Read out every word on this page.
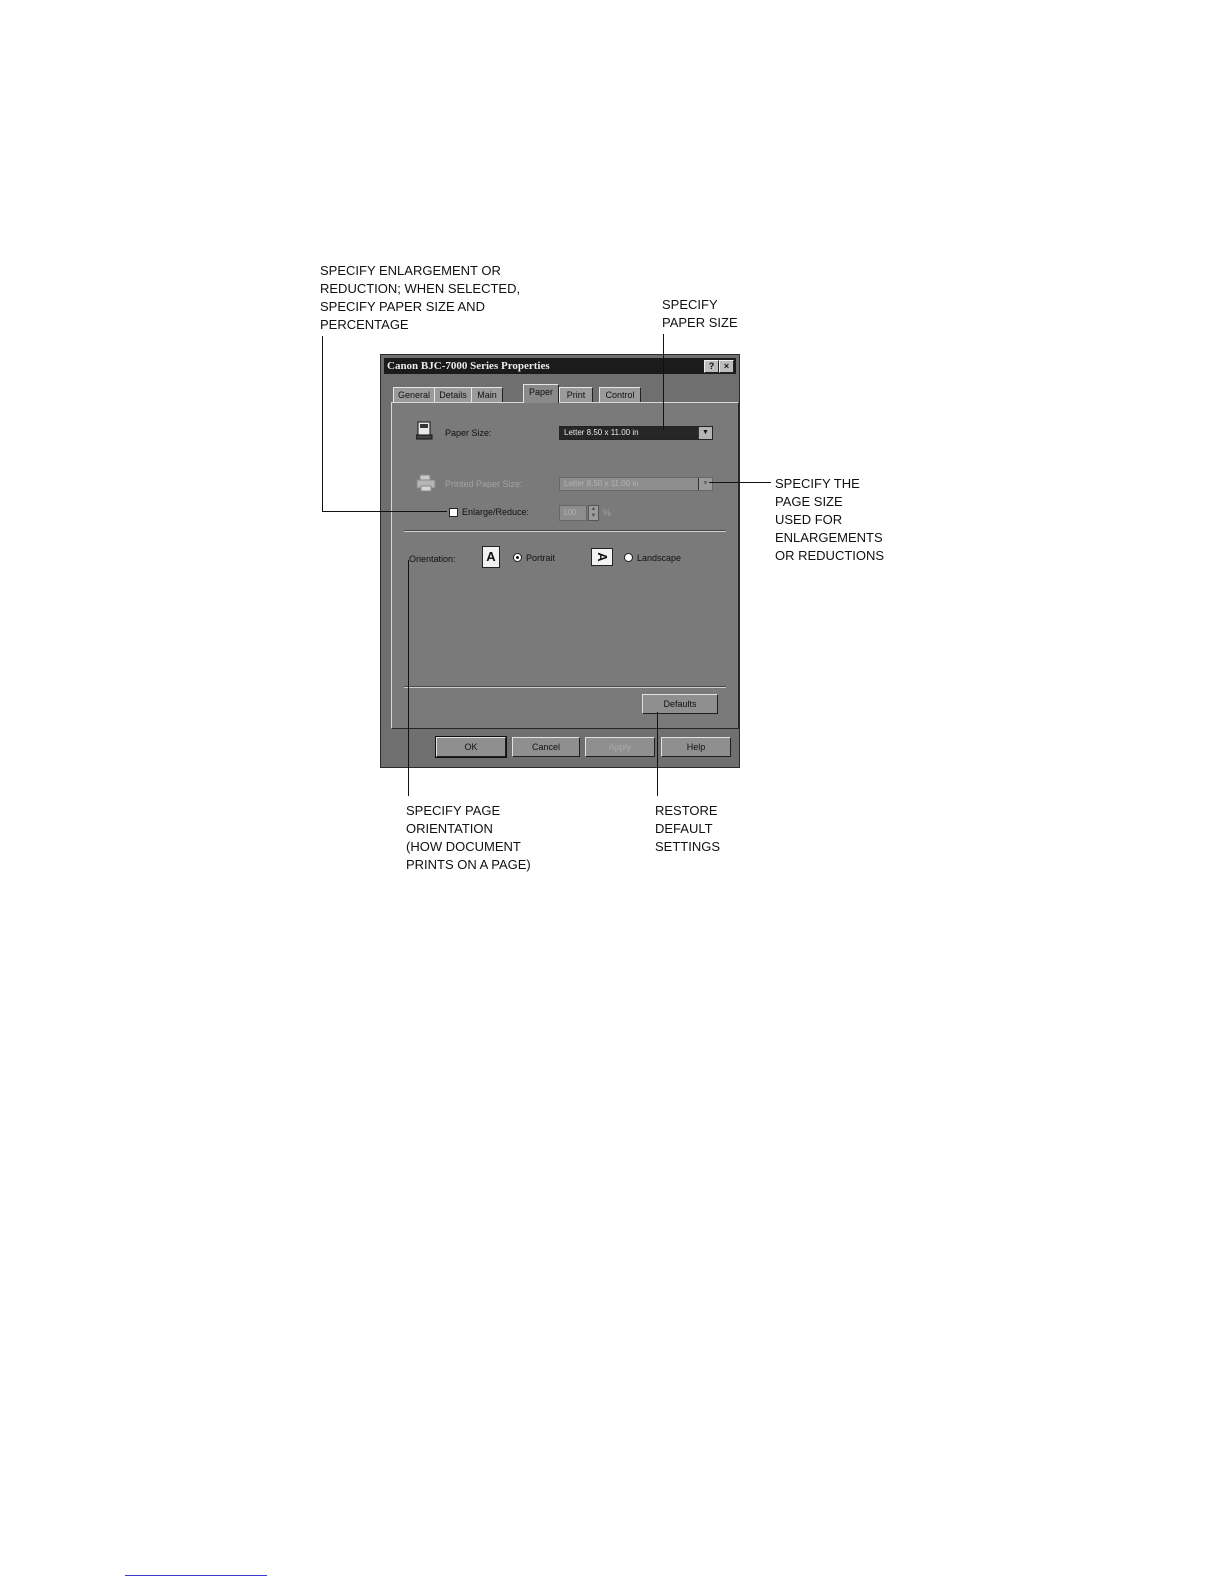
SPECIFY ENLARGEMENT OR
REDUCTION; WHEN SELECTED,
SPECIFY PAPER SIZE AND
PERCENTAGE
SPECIFY
PAPER SIZE
SPECIFY THE
PAGE SIZE
USED FOR
ENLARGEMENTS
OR REDUCTIONS
SPECIFY PAGE
ORIENTATION
(HOW DOCUMENT
PRINTS ON A PAGE)
RESTORE
DEFAULT
SETTINGS
Canon BJC-7000 Series Properties	?	×
General	Details	Main	Paper	Print	Control
Paper Size:	Letter 8.50 x 11.00 in	▼
Printed Paper Size:	Letter 8.50 x 11.00 in	▼
Enlarge/Reduce:	100	▲
▼ %
Orientation:	A	Portrait	A	Landscape
Defaults
OK	Cancel	Apply	Help
